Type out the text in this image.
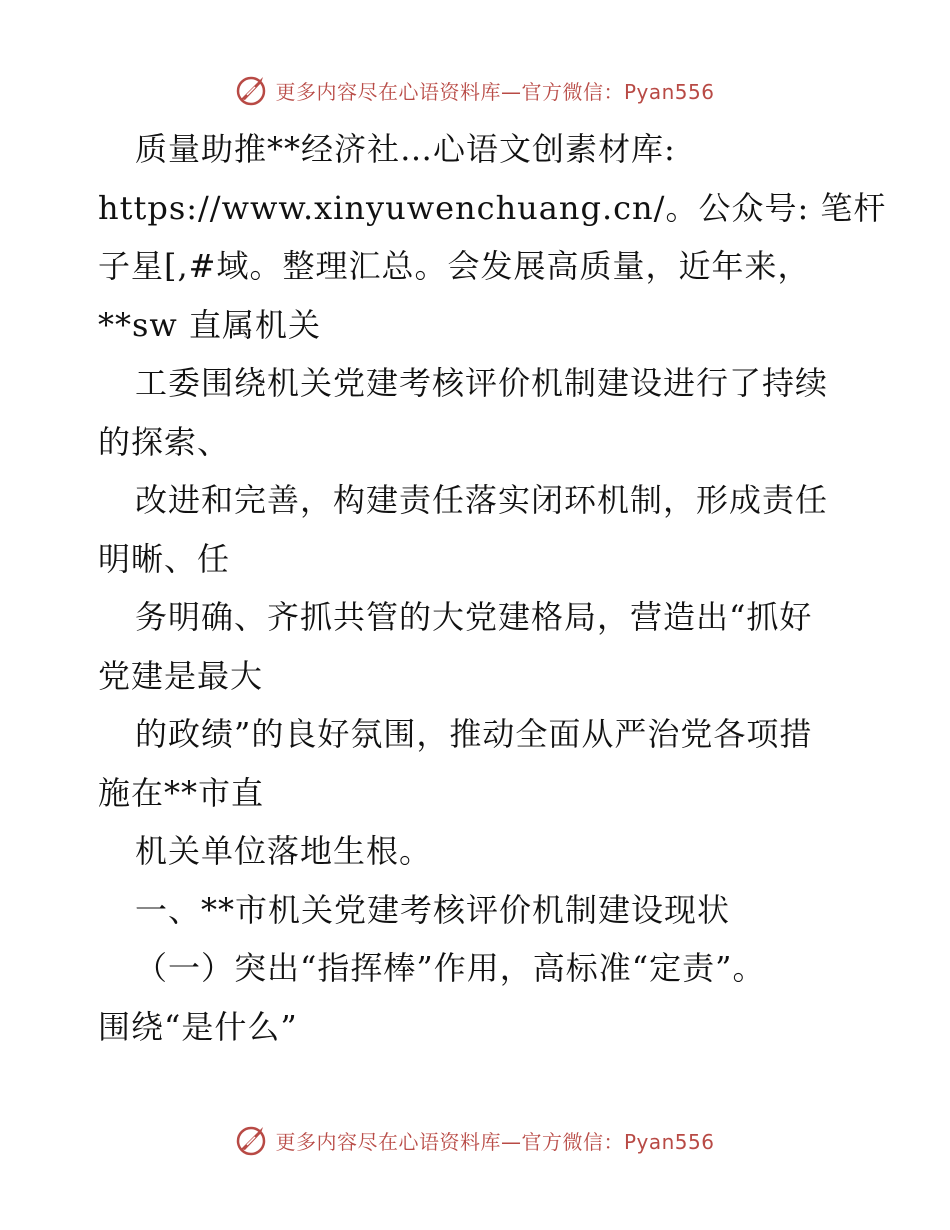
更多内容尽在心语资料库—官方微信：Pyan556
质量助推**经济社…心语文创素材库:
https://www.xinyuwenchuang.cn/。公众号: 笔杆
子星[,#域。整理汇总。会发展高质量，近年来，
**sw 直属机关
工委围绕机关党建考核评价机制建设进行了持续
的探索、
改进和完善，构建责任落实闭环机制，形成责任
明晰、任
务明确、齐抓共管的大党建格局，营造出“抓好
党建是最大
的政绩”的良好氛围，推动全面从严治党各项措
施在**市直
机关单位落地生根。
一、**市机关党建考核评价机制建设现状
（一）突出“指挥棒”作用，高标准“定责”。
围绕“是什么”
更多内容尽在心语资料库—官方微信：Pyan556
